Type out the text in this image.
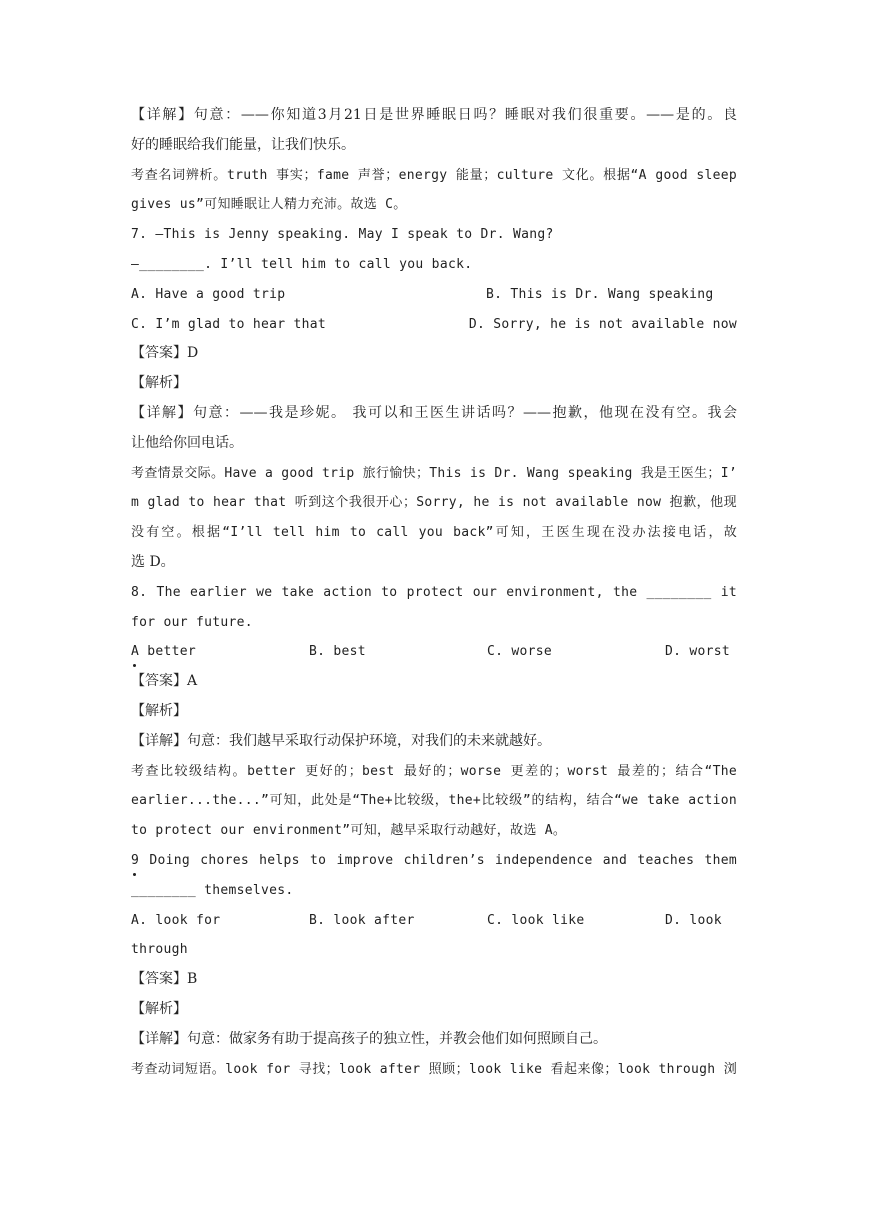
【详解】句意：——你知道3月21日是世界睡眠日吗？睡眠对我们很重要。——是的。良
好的睡眠给我们能量，让我们快乐。
考查名词辨析。truth 事实；fame 声誉；energy 能量；culture 文化。根据“A good sleep
gives us”可知睡眠让人精力充沛。故选 C。
7. —This is Jenny speaking. May I speak to Dr. Wang?
—________. I’ll tell him to call you back.
A. Have a good trip	B. This is Dr. Wang speaking
C. I’m glad to hear that	D. Sorry, he is not available now
【答案】D
【解析】
【详解】句意：——我是珍妮。 我可以和王医生讲话吗？——抱歉，他现在没有空。我会
让他给你回电话。
考查情景交际。Have a good trip 旅行愉快；This is Dr. Wang speaking 我是王医生；I’
m glad to hear that 听到这个我很开心；Sorry, he is not available now 抱歉，他现
没有空。根据“I’ll tell him to call you back”可知，王医生现在没办法接电话，故
选 D。
8. The earlier we take action to protect our environment, the ________ it
for our future.
A better	B. best	C. worse	D. worst
【答案】A
【解析】
【详解】句意：我们越早采取行动保护环境，对我们的未来就越好。
考查比较级结构。better 更好的；best 最好的；worse 更差的；worst 最差的；结合“The
earlier...the...”可知，此处是“The+比较级，the+比较级”的结构，结合“we take action
to protect our environment”可知，越早采取行动越好，故选 A。
9 Doing chores helps to improve children’s independence and teaches them
________ themselves.
A. look for	B. look after	C. look like	D. look
through
【答案】B
【解析】
【详解】句意：做家务有助于提高孩子的独立性，并教会他们如何照顾自己。
考查动词短语。look for 寻找；look after 照顾；look like 看起来像；look through 浏
